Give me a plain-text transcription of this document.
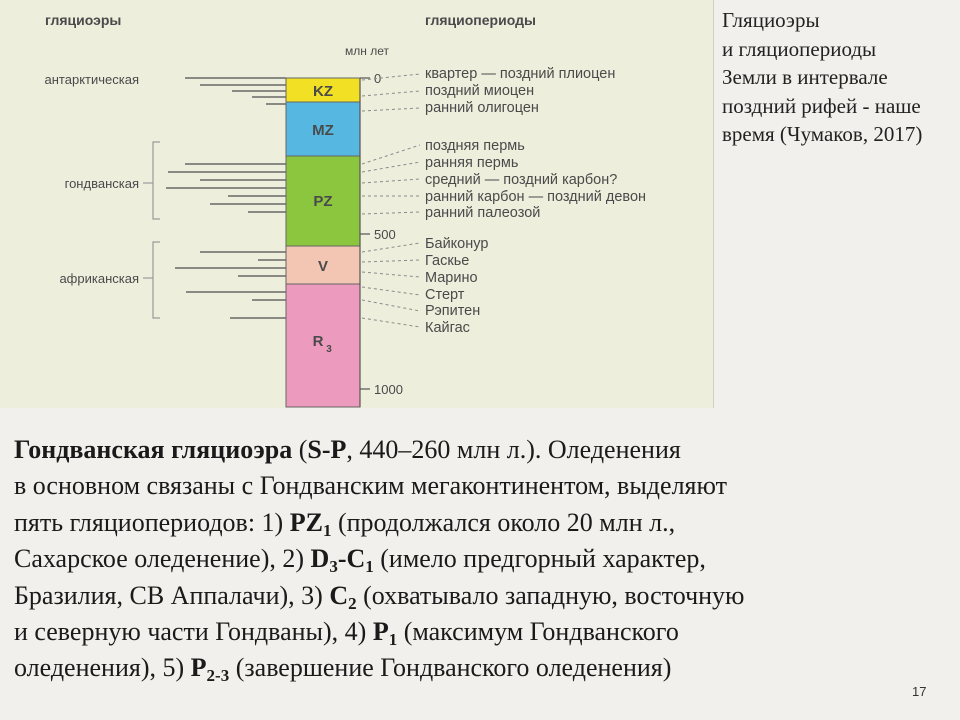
гляциоэры	гляциопериоды
млн лет
антарктическая
гондванская
африканская
KZ
MZ
PZ
V
R 3
0
500
1000
квартер — поздний плиоцен
поздний миоцен
ранний олигоцен
поздняя пермь
ранняя пермь
средний — поздний карбон?
ранний карбон — поздний девон
ранний палеозой
Байконур
Гаскье
Марино
Стерт
Рэпитен
Кайгас
Гляциоэры
и гляциопериоды
Земли в интервале
поздний рифей - наше
время (Чумаков, 2017)
Гондванская гляциоэра (S-P, 440–260 млн л.). Оледенения
в основном связаны с Гондванским мегаконтинентом, выделяют
пять гляциопериодов: 1) $PZ_1$ (продолжался около 20 млн л.,
Сахарское оледенение), 2) $D_3-C_1$ (имело предгорный характер,
Бразилия, СВ Аппалачи), 3) $C_2$ (охватывало западную, восточную
и северную части Гондваны), 4) $P_1$ (максимум Гондванского
оледенения), 5) $P_{2-3}$ (завершение Гондванского оледенения)
17
